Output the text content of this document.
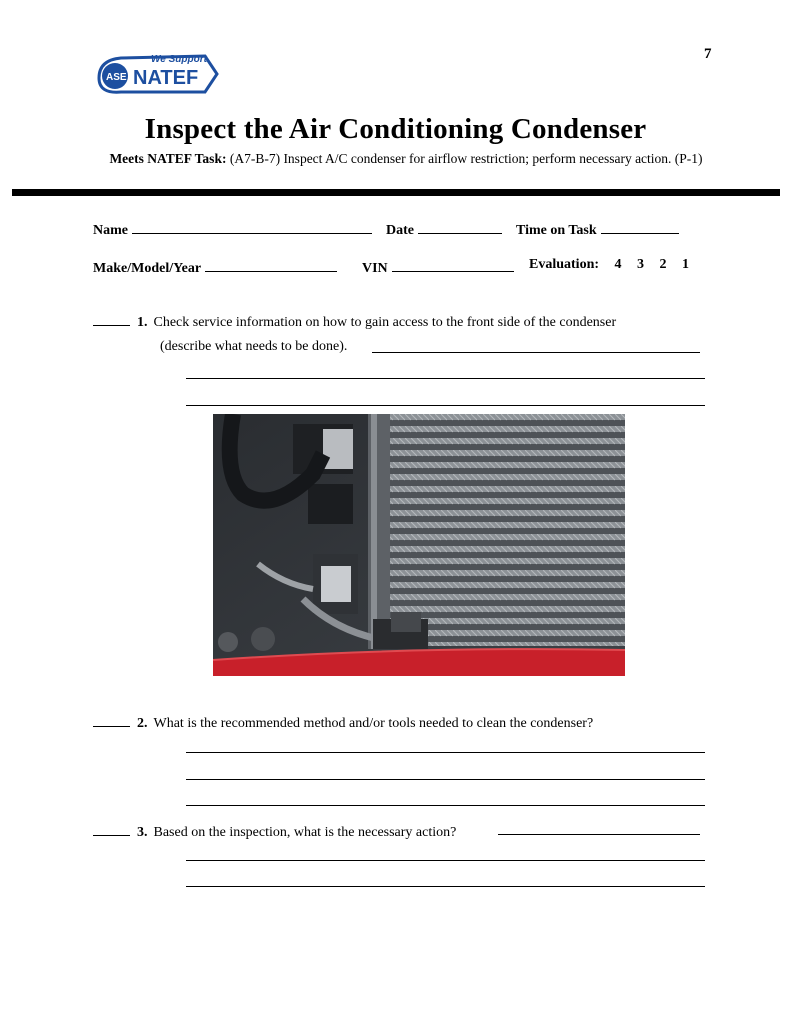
We Support
ASE NATEF
7
Inspect the Air Conditioning Condenser
Meets NATEF Task: (A7-B-7) Inspect A/C condenser for airflow restriction; perform necessary action. (P-1)
Name	Date	Time on Task
Make/Model/Year	VIN	Evaluation: 4 3 2 1
1. Check service information on how to gain access to the front side of the condenser
(describe what needs to be done).
2. What is the recommended method and/or tools needed to clean the condenser?
3. Based on the inspection, what is the necessary action?
